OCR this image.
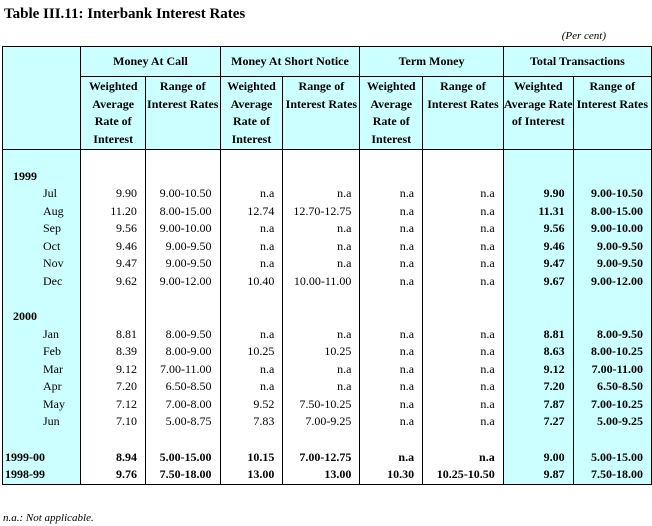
Table III.11: Interbank Interest Rates
(Per cent)
	Money At Call		Money At Short Notice		Term Money		Total Transactions	
	Weighted Average Rate of Interest	Range of Interest Rates	Weighted Average Rate of Interest	Range of Interest Rates	Weighted Average Rate of Interest	Range of Interest Rates	Weighted Average Rate of Interest	Range of Interest Rates

1999								
Jul	9.90	9.00-10.50	n.a	n.a	n.a	n.a	9.90	9.00-10.50
Aug	11.20	8.00-15.00	12.74	12.70-12.75	n.a	n.a	11.31	8.00-15.00
Sep	9.56	9.00-10.00	n.a	n.a	n.a	n.a	9.56	9.00-10.00
Oct	9.46	9.00-9.50	n.a	n.a	n.a	n.a	9.46	9.00-9.50
Nov	9.47	9.00-9.50	n.a	n.a	n.a	n.a	9.47	9.00-9.50
Dec	9.62	9.00-12.00	10.40	10.00-11.00	n.a	n.a	9.67	9.00-12.00

2000								
Jan	8.81	8.00-9.50	n.a	n.a	n.a	n.a	8.81	8.00-9.50
Feb	8.39	8.00-9.00	10.25	10.25	n.a	n.a	8.63	8.00-10.25
Mar	9.12	7.00-11.00	n.a	n.a	n.a	n.a	9.12	7.00-11.00
Apr	7.20	6.50-8.50	n.a	n.a	n.a	n.a	7.20	6.50-8.50
May	7.12	7.00-8.00	9.52	7.50-10.25	n.a	n.a	7.87	7.00-10.25
Jun	7.10	5.00-8.75	7.83	7.00-9.25	n.a	n.a	7.27	5.00-9.25

1999-00	8.94	5.00-15.00	10.15	7.00-12.75	n.a	n.a	9.00	5.00-15.00
1998-99	9.76	7.50-18.00	13.00	13.00	10.30	10.25-10.50	9.87	7.50-18.00
n.a.: Not applicable.
